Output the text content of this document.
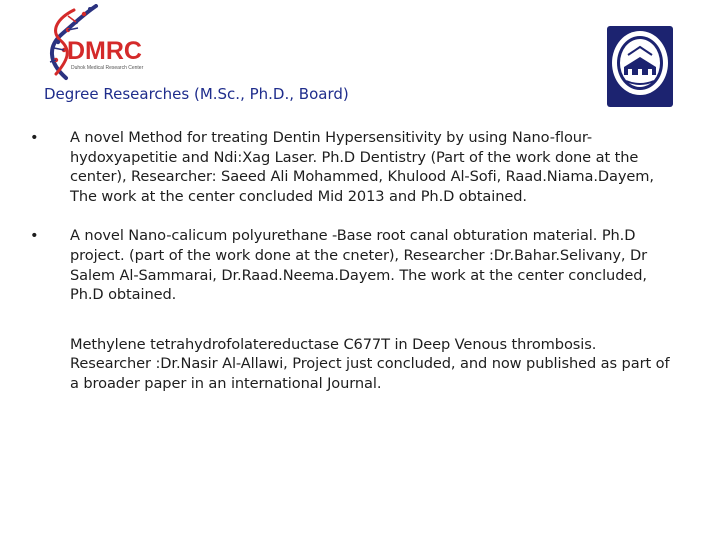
DMRC
Duhok Medical Research Center
Degree Researches (M.Sc., Ph.D., Board)
•	A novel Method for treating Dentin Hypersensitivity by using Nano-flour-hydoxyapetitie and Ndi:Xag Laser. Ph.D Dentistry (Part of the work done at the center), Researcher: Saeed Ali Mohammed, Khulood Al-Sofi, Raad.Niama.Dayem, The work at the center concluded Mid 2013 and Ph.D obtained.
•	A novel Nano-calicum polyurethane -Base root canal obturation material. Ph.D project. (part of the work done at the cneter), Researcher :Dr.Bahar.Selivany, Dr Salem Al-Sammarai, Dr.Raad.Neema.Dayem. The work at the center concluded, Ph.D obtained.
Methylene tetrahydrofolatereductase C677T in Deep Venous thrombosis. Researcher :Dr.Nasir Al-Allawi, Project just concluded, and now published as part of a broader paper in an international Journal.
